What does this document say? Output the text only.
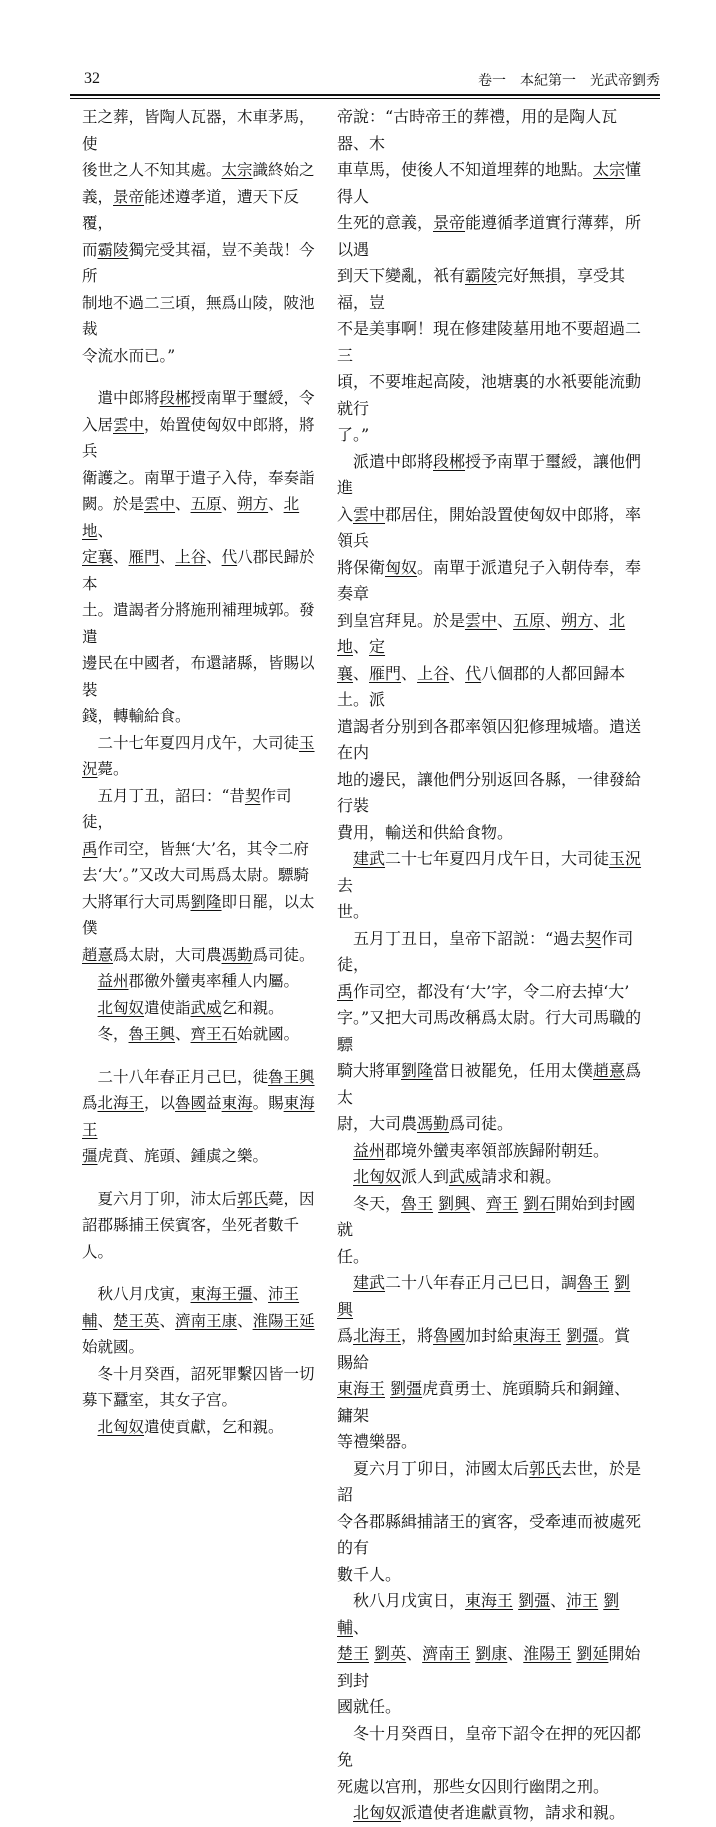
32	卷一　本紀第一　光武帝劉秀

王之葬，皆陶人瓦器，木車茅馬，使
後世之人不知其處。太宗識終始之
義，景帝能述遵孝道，遭天下反覆，
而霸陵獨完受其福，豈不美哉！今所
制地不過二三頃，無爲山陵，陂池裁
令流水而已。”

　遣中郎將段郴授南單于璽綬，令
入居雲中，始置使匈奴中郎將，將兵
衛護之。南單于遣子入侍，奉奏詣
闕。於是雲中、五原、朔方、北地、
定襄、雁門、上谷、代八郡民歸於本
土。遣謁者分將施刑補理城郭。發遣
邊民在中國者，布還諸縣，皆賜以裝
錢，轉輸給食。

　二十七年夏四月戊午，大司徒玉
況薨。

　五月丁丑，詔曰：“昔契作司徒，
禹作司空，皆無‘大’名，其令二府
去‘大’。”又改大司馬爲太尉。驃騎
大將軍行大司馬劉隆即日罷，以太僕
趙憙爲太尉，大司農馮勤爲司徒。

　益州郡徼外蠻夷率種人内屬。

　北匈奴遣使詣武威乞和親。

　冬，魯王興、齊王石始就國。

　二十八年春正月己巳，徙魯王興
爲北海王，以魯國益東海。賜東海王
彊虎賁、旄頭、鍾虡之樂。

　夏六月丁卯，沛太后郭氏薨，因
詔郡縣捕王侯賓客，坐死者數千人。

　秋八月戊寅，東海王彊、沛王
輔、楚王英、濟南王康、淮陽王延
始就國。

　冬十月癸酉，詔死罪繫囚皆一切
募下蠶室，其女子宫。

　北匈奴遣使貢獻，乞和親。

帝說：“古時帝王的葬禮，用的是陶人瓦器、木
車草馬，使後人不知道埋葬的地點。太宗懂得人
生死的意義，景帝能遵循孝道實行薄葬，所以遇
到天下變亂，衹有霸陵完好無損，享受其福，豈
不是美事啊！現在修建陵墓用地不要超過二三
頃，不要堆起高陵，池塘裏的水衹要能流動就行
了。”

　派遣中郎將段郴授予南單于璽綬，讓他們進
入雲中郡居住，開始設置使匈奴中郎將，率領兵
將保衛匈奴。南單于派遣兒子入朝侍奉，奉奏章
到皇宫拜見。於是雲中、五原、朔方、北地、定
襄、雁門、上谷、代八個郡的人都回歸本土。派
遣謁者分别到各郡率領囚犯修理城墻。遣送在内
地的邊民，讓他們分别返回各縣，一律發給行裝
費用，輸送和供給食物。

　建武二十七年夏四月戊午日，大司徒玉況去
世。

　五月丁丑日，皇帝下詔説：“過去契作司徒，
禹作司空，都没有‘大’字，令二府去掉‘大’
字。”又把大司馬改稱爲太尉。行大司馬職的驃
騎大將軍劉隆當日被罷免，任用太僕趙憙爲太
尉，大司農馮勤爲司徒。

　益州郡境外蠻夷率領部族歸附朝廷。

　北匈奴派人到武威請求和親。

　冬天，魯王 劉興、齊王 劉石開始到封國就
任。

　建武二十八年春正月己巳日，調魯王 劉興
爲北海王，將魯國加封給東海王 劉彊。賞賜給
東海王 劉彊虎賁勇士、旄頭騎兵和銅鐘、鏞架
等禮樂器。

　夏六月丁卯日，沛國太后郭氏去世，於是詔
令各郡縣緝捕諸王的賓客，受牽連而被處死的有
數千人。

　秋八月戊寅日，東海王 劉彊、沛王 劉輔、
楚王 劉英、濟南王 劉康、淮陽王 劉延開始到封
國就任。

　冬十月癸酉日，皇帝下詔令在押的死囚都免
死處以宫刑，那些女囚則行幽閉之刑。

　北匈奴派遣使者進獻貢物，請求和親。
